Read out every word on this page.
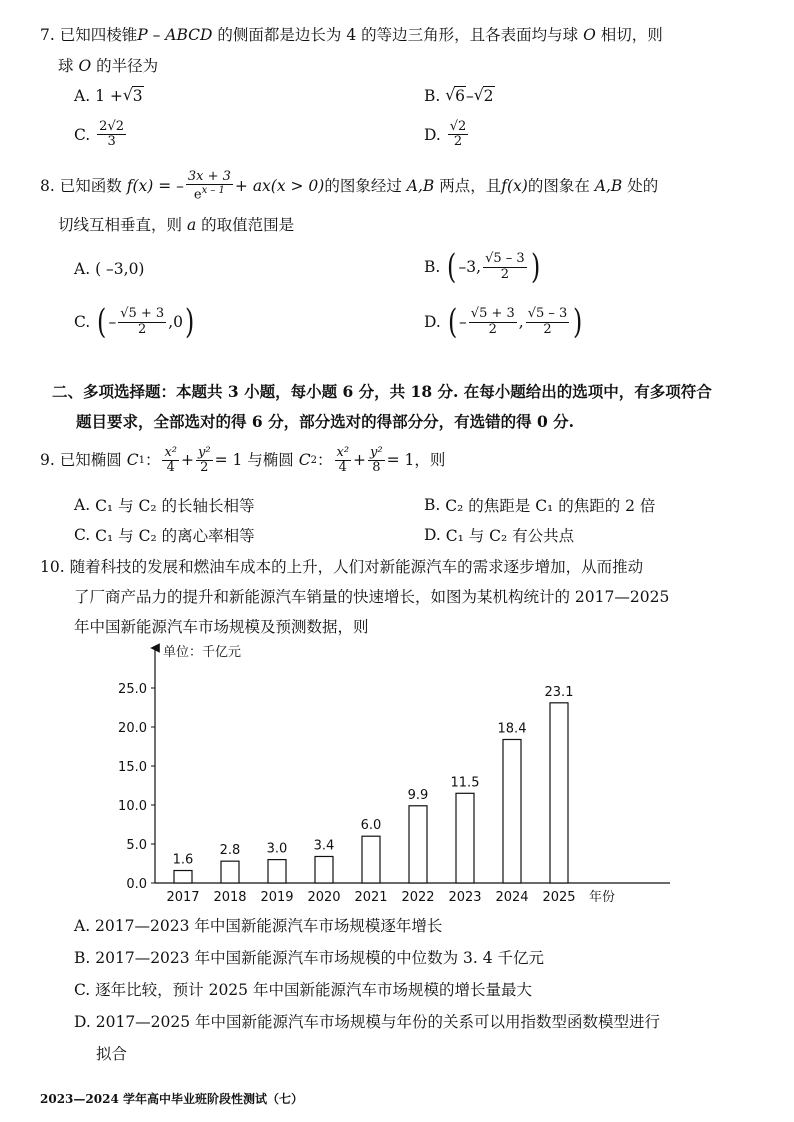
7. 已知四棱锥P – ABCD 的侧面都是边长为 4 的等边三角形，且各表面均与球 O 相切，则
球 O 的半径为
A.
1 + √ 3	B.
√ 6 – √ 2
C.
$\frac{2√2}{3}$	D.
$\frac{√2}{2}$
8.
已知函数
f (x) = – $\frac{3x + 3}{e^{x - 1}} + ax(x > 0)$ 的图象经过
A,B
两点，且 f(x) 的图象在
A,B
处的
切线互相垂直，则 a 的取值范围是
A.
( –3,0)	B.
( –3, $\frac{√5 - 3}{2}$ )
C.
( – $\frac{√5 + 3}{2} ,0$ )	D.
( – $\frac{√5 + 3}{2}$ , $\frac{√5 - 3}{2}$ )
二、多项选择题：本题共 3 小题，每小题 6 分，共 18 分. 在每小题给出的选项中，有多项符合
题目要求，全部选对的得 6 分，部分选对的得部分分，有选错的得 0 分.
9.
已知椭圆
C 1 ： $\frac{\text{x²}}{4} + \frac{\text{y²}}{2} = 1$
与椭圆
C 2 ： $\frac{\text{x²}}{4} + \frac{\text{y²}}{8} = 1$，则
A.
C₁ 与 C₂ 的长轴长相等	B.
C₂ 的焦距是 C₁ 的焦距的 2 倍
C.
C₁ 与 C₂ 的离心率相等	D.
C₁ 与 C₂ 有公共点
10. 随着科技的发展和燃油车成本的上升，人们对新能源汽车的需求逐步增加，从而推动
了厂商产品力的提升和新能源汽车销量的快速增长，如图为某机构统计的 2017—2025
年中国新能源汽车市场规模及预测数据，则
单位：千亿元
0.0
5.0
10.0
15.0
20.0
25.0
1.6
2017
2.8
2018
3.0
2019
3.4
2020
6.0
2021
9.9
2022
11.5
2023
18.4
2024
23.1
2025 年份
A. 2017—2023 年中国新能源汽车市场规模逐年增长
B. 2017—2023 年中国新能源汽车市场规模的中位数为 3. 4 千亿元
C. 逐年比较，预计 2025 年中国新能源汽车市场规模的增长量最大
D. 2017—2025 年中国新能源汽车市场规模与年份的关系可以用指数型函数模型进行
拟合
2023—2024 学年高中毕业班阶段性测试（七）
